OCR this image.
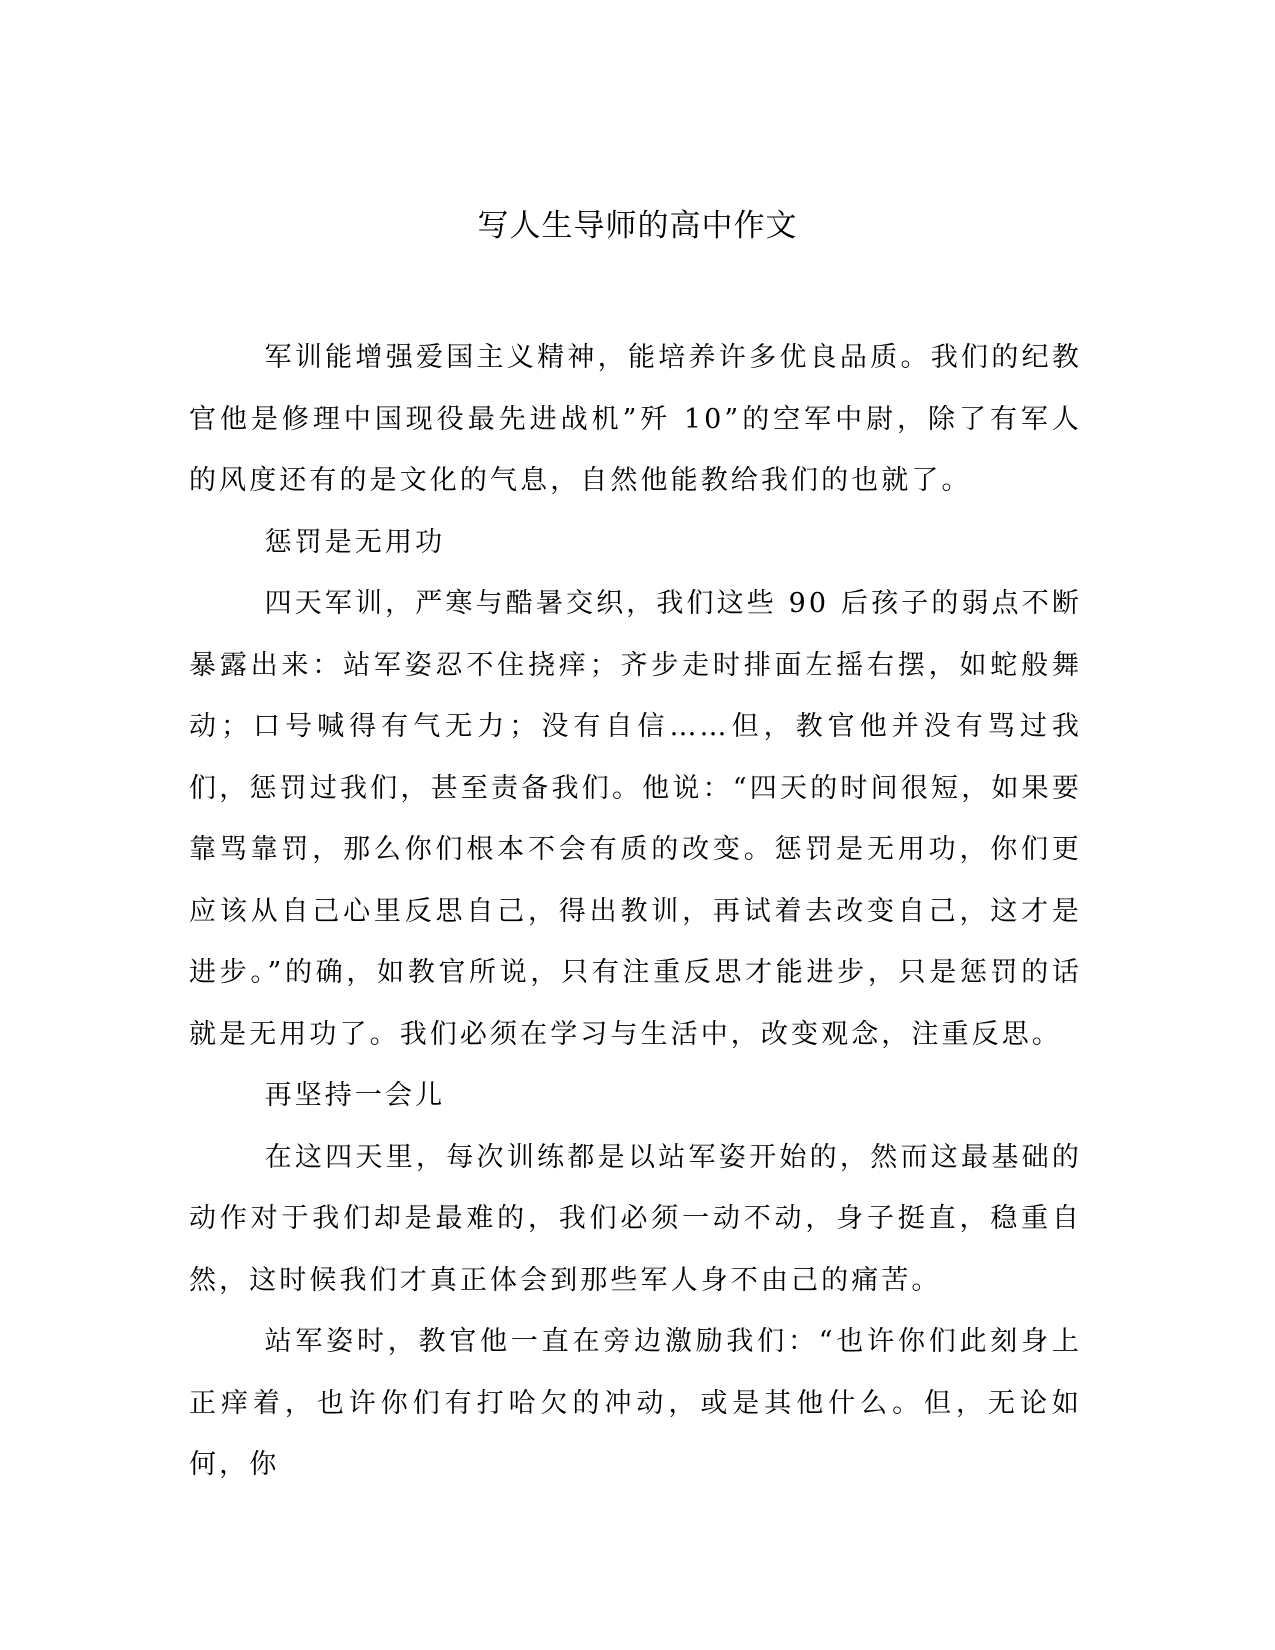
写人生导师的高中作文

军训能增强爱国主义精神，能培养许多优良品质。我们的纪教官他是修理中国现役最先进战机”歼 10”的空军中尉，除了有军人的风度还有的是文化的气息，自然他能教给我们的也就了。

惩罚是无用功

四天军训，严寒与酷暑交织，我们这些 90 后孩子的弱点不断暴露出来：站军姿忍不住挠痒；齐步走时排面左摇右摆，如蛇般舞动；口号喊得有气无力；没有自信……但，教官他并没有骂过我们，惩罚过我们，甚至责备我们。他说：“四天的时间很短，如果要靠骂靠罚，那么你们根本不会有质的改变。惩罚是无用功，你们更应该从自己心里反思自己，得出教训，再试着去改变自己，这才是进步。”的确，如教官所说，只有注重反思才能进步，只是惩罚的话就是无用功了。我们必须在学习与生活中，改变观念，注重反思。

再坚持一会儿

在这四天里，每次训练都是以站军姿开始的，然而这最基础的动作对于我们却是最难的，我们必须一动不动，身子挺直，稳重自然，这时候我们才真正体会到那些军人身不由己的痛苦。

站军姿时，教官他一直在旁边激励我们：“也许你们此刻身上正痒着，也许你们有打哈欠的冲动，或是其他什么。但，无论如何，你
